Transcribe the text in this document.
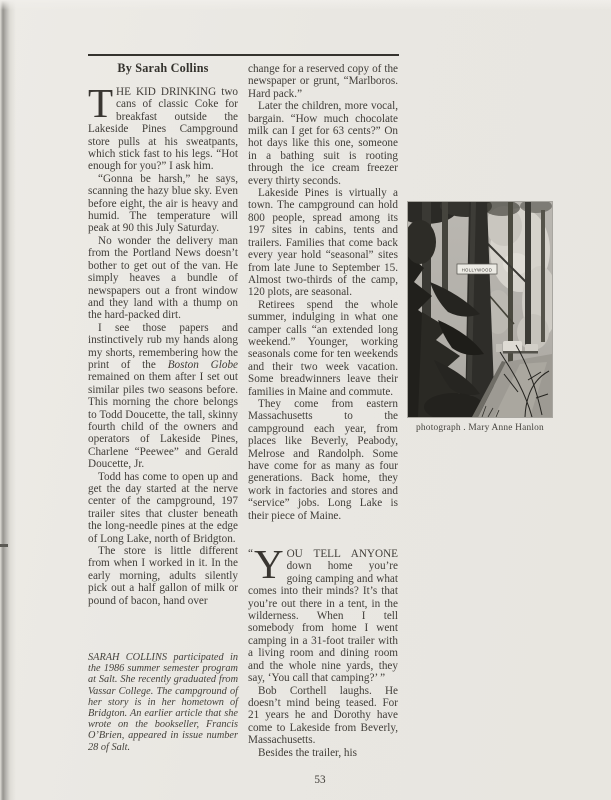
By Sarah Collins

THE KID DRINKING two cans of classic Coke for breakfast outside the Lakeside Pines Campground store pulls at his sweatpants, which stick fast to his legs. “Hot enough for you?” I ask him.

“Gonna be harsh,” he says, scanning the hazy blue sky. Even before eight, the air is heavy and humid. The temperature will peak at 90 this July Saturday.

No wonder the delivery man from the Portland News doesn’t bother to get out of the van. He simply heaves a bundle of newspapers out a front window and they land with a thump on the hard-packed dirt.

I see those papers and instinctively rub my hands along my shorts, remembering how the print of the Boston Globe remained on them after I set out similar piles two seasons before. This morning the chore belongs to Todd Doucette, the tall, skinny fourth child of the owners and operators of Lakeside Pines, Charlene “Peewee” and Gerald Doucette, Jr.

Todd has come to open up and get the day started at the nerve center of the campground, 197 trailer sites that cluster beneath the long-needle pines at the edge of Long Lake, north of Bridgton.

The store is little different from when I worked in it. In the early morning, adults silently pick out a half gallon of milk or pound of bacon, hand over

SARAH COLLINS participated in the 1986 summer semester program at Salt. She recently graduated from Vassar College. The campground of her story is in her hometown of Bridgton. An earlier article that she wrote on the bookseller, Francis O’Brien, appeared in issue number 28 of Salt.

change for a reserved copy of the newspaper or grunt, “Marlboros. Hard pack.”

Later the children, more vocal, bargain. “How much chocolate milk can I get for 63 cents?” On hot days like this one, someone in a bathing suit is rooting through the ice cream freezer every thirty seconds.

Lakeside Pines is virtually a town. The campground can hold 800 people, spread among its 197 sites in cabins, tents and trailers. Families that come back every year hold “seasonal” sites from late June to September 15. Almost two-thirds of the camp, 120 plots, are seasonal.

Retirees spend the whole summer, indulging in what one camper calls “an extended long weekend.” Younger, working seasonals come for ten weekends and their two week vacation. Some breadwinners leave their families in Maine and commute.

They come from eastern Massachusetts to the campground each year, from places like Beverly, Peabody, Melrose and Randolph. Some have come for as many as four generations. Back home, they work in factories and stores and “service” jobs. Long Lake is their piece of Maine.

“ Y OU TELL ANYONE down home you’re going camping and what comes into their minds? It’s that you’re out there in a tent, in the wilderness. When I tell somebody from home I went camping in a 31-foot trailer with a living room and dining room and the whole nine yards, they say, ‘You call that camping?’ ”

Bob Corthell laughs. He doesn’t mind being teased. For 21 years he and Dorothy have come to Lakeside from Beverly, Massachusetts.

Besides the trailer, his

HOLLYWOOD
photograph . Mary Anne Hanlon
53
